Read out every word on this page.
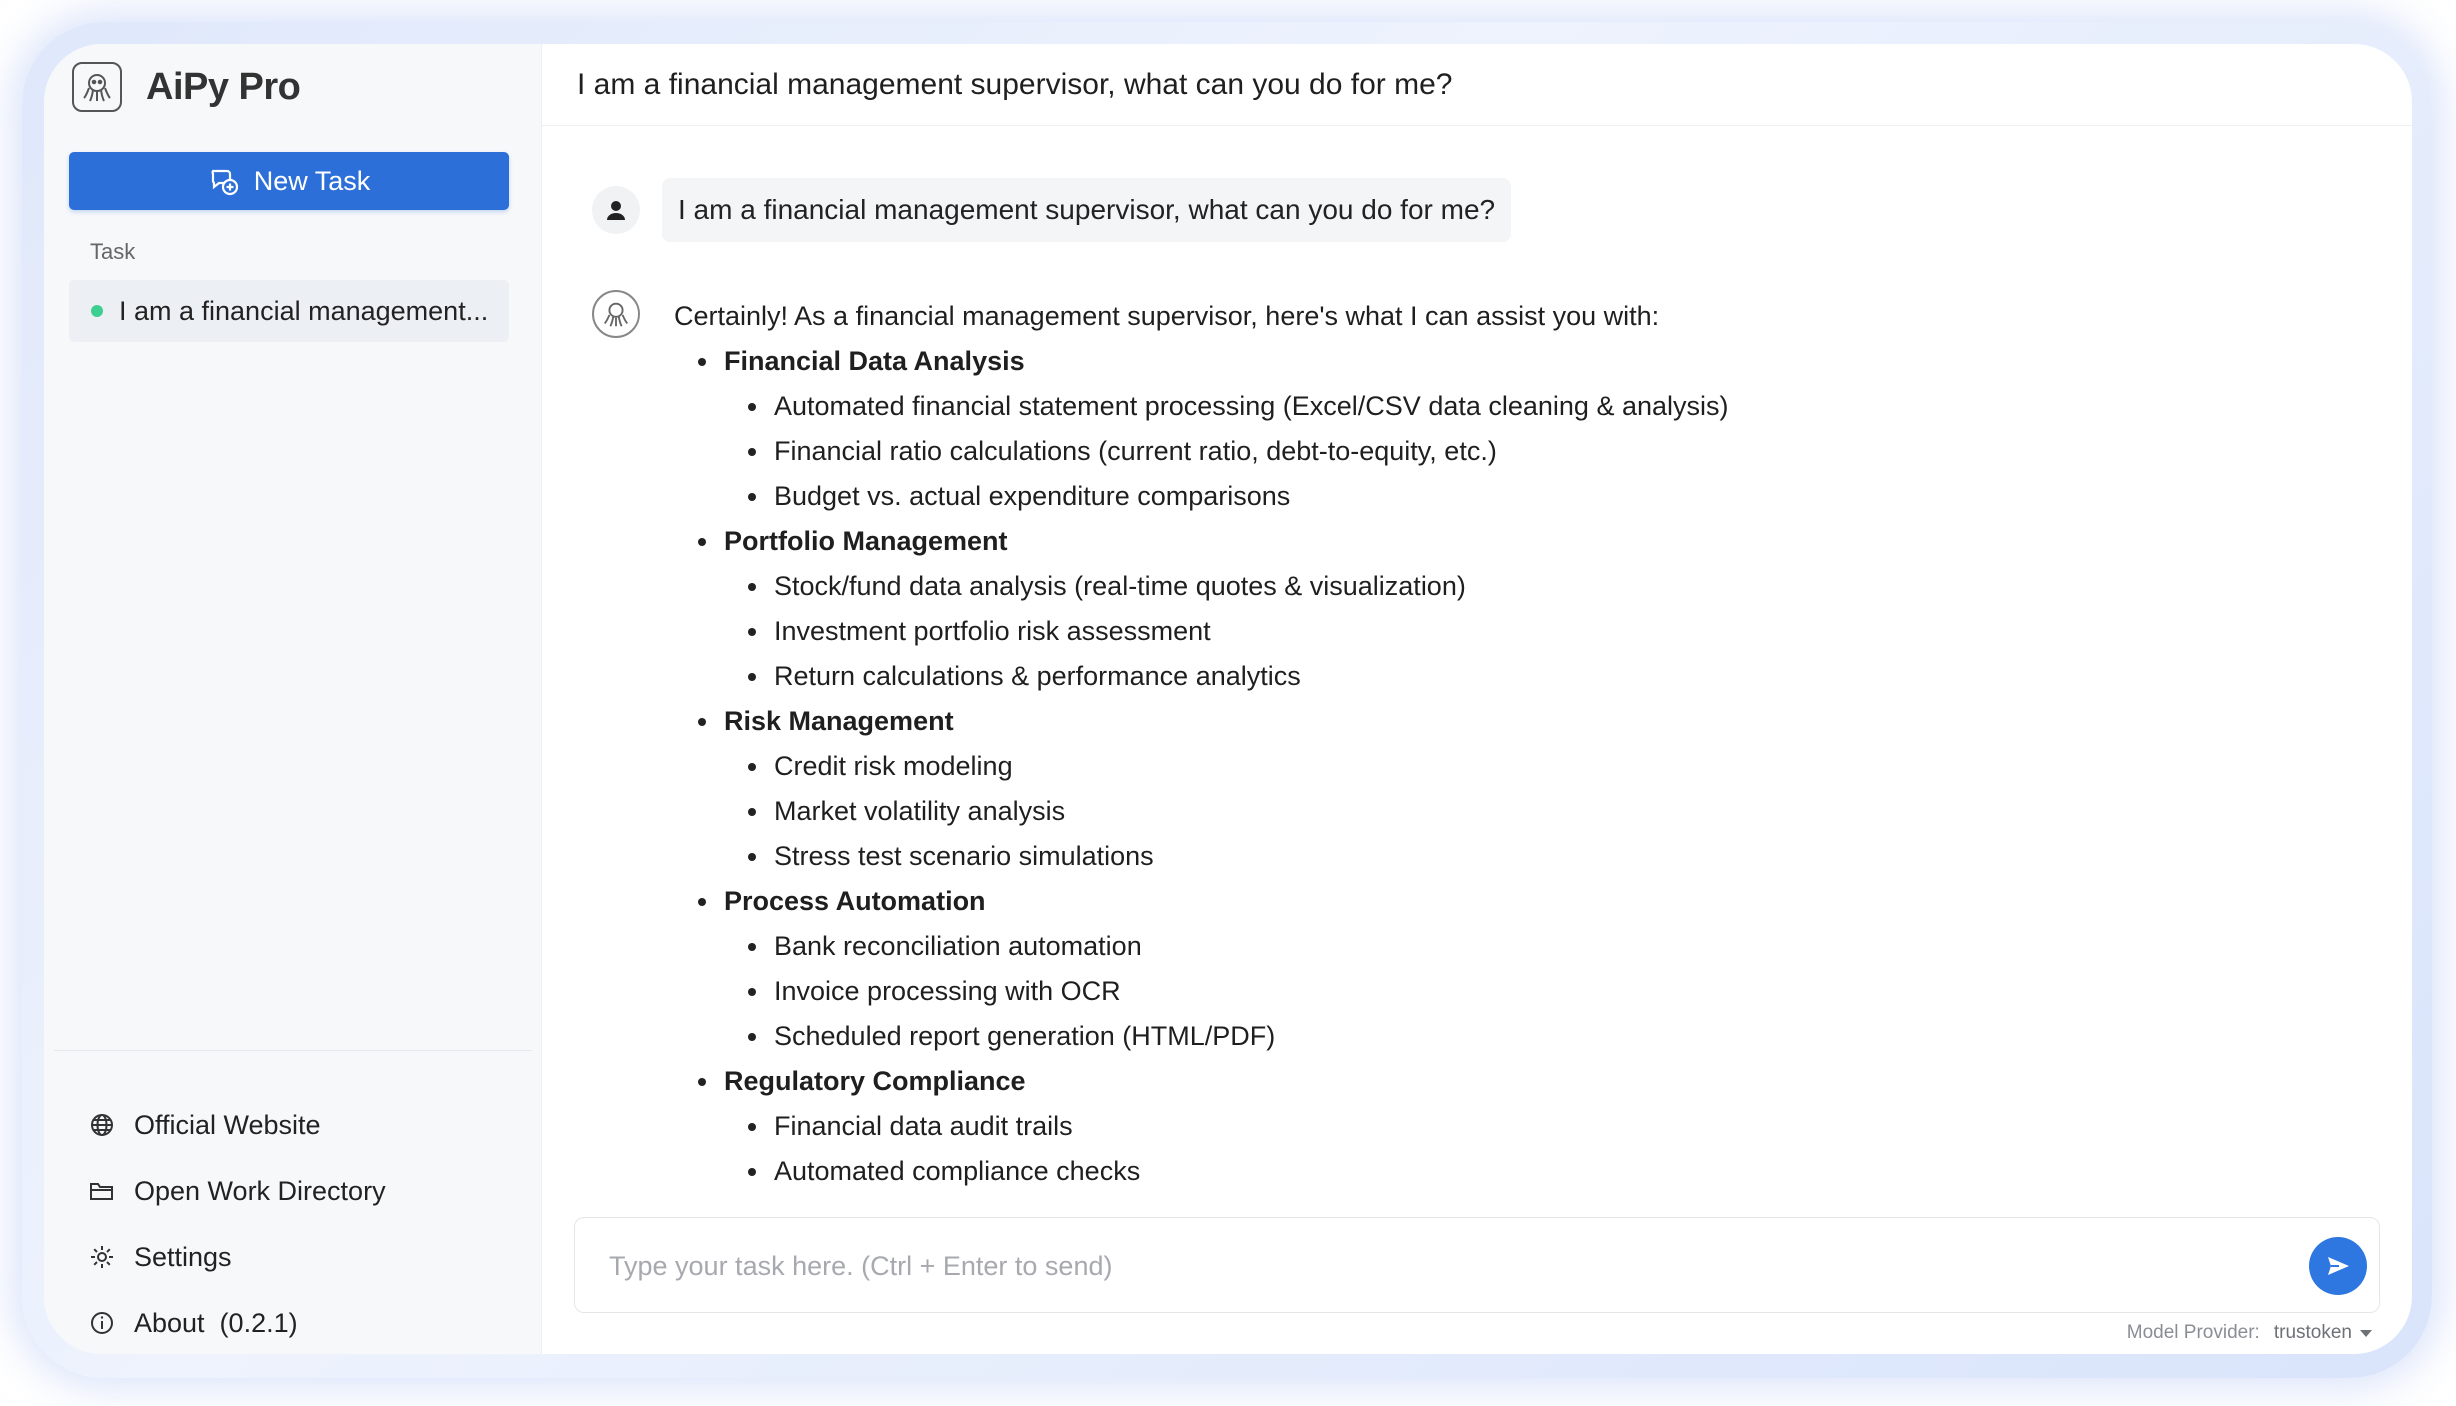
AiPy Pro
New Task
Task
I am a financial management...
Official Website
Open Work Directory
Settings
About  (0.2.1)
I am a financial management supervisor, what can you do for me?
I am a financial management supervisor, what can you do for me?
Certainly! As a financial management supervisor, here's what I can assist you with:
Financial Data Analysis
Automated financial statement processing (Excel/CSV data cleaning & analysis)
Financial ratio calculations (current ratio, debt-to-equity, etc.)
Budget vs. actual expenditure comparisons
Portfolio Management
Stock/fund data analysis (real-time quotes & visualization)
Investment portfolio risk assessment
Return calculations & performance analytics
Risk Management
Credit risk modeling
Market volatility analysis
Stress test scenario simulations
Process Automation
Bank reconciliation automation
Invoice processing with OCR
Scheduled report generation (HTML/PDF)
Regulatory Compliance
Financial data audit trails
Automated compliance checks
Type your task here. (Ctrl + Enter to send)
Model Provider: trustoken
